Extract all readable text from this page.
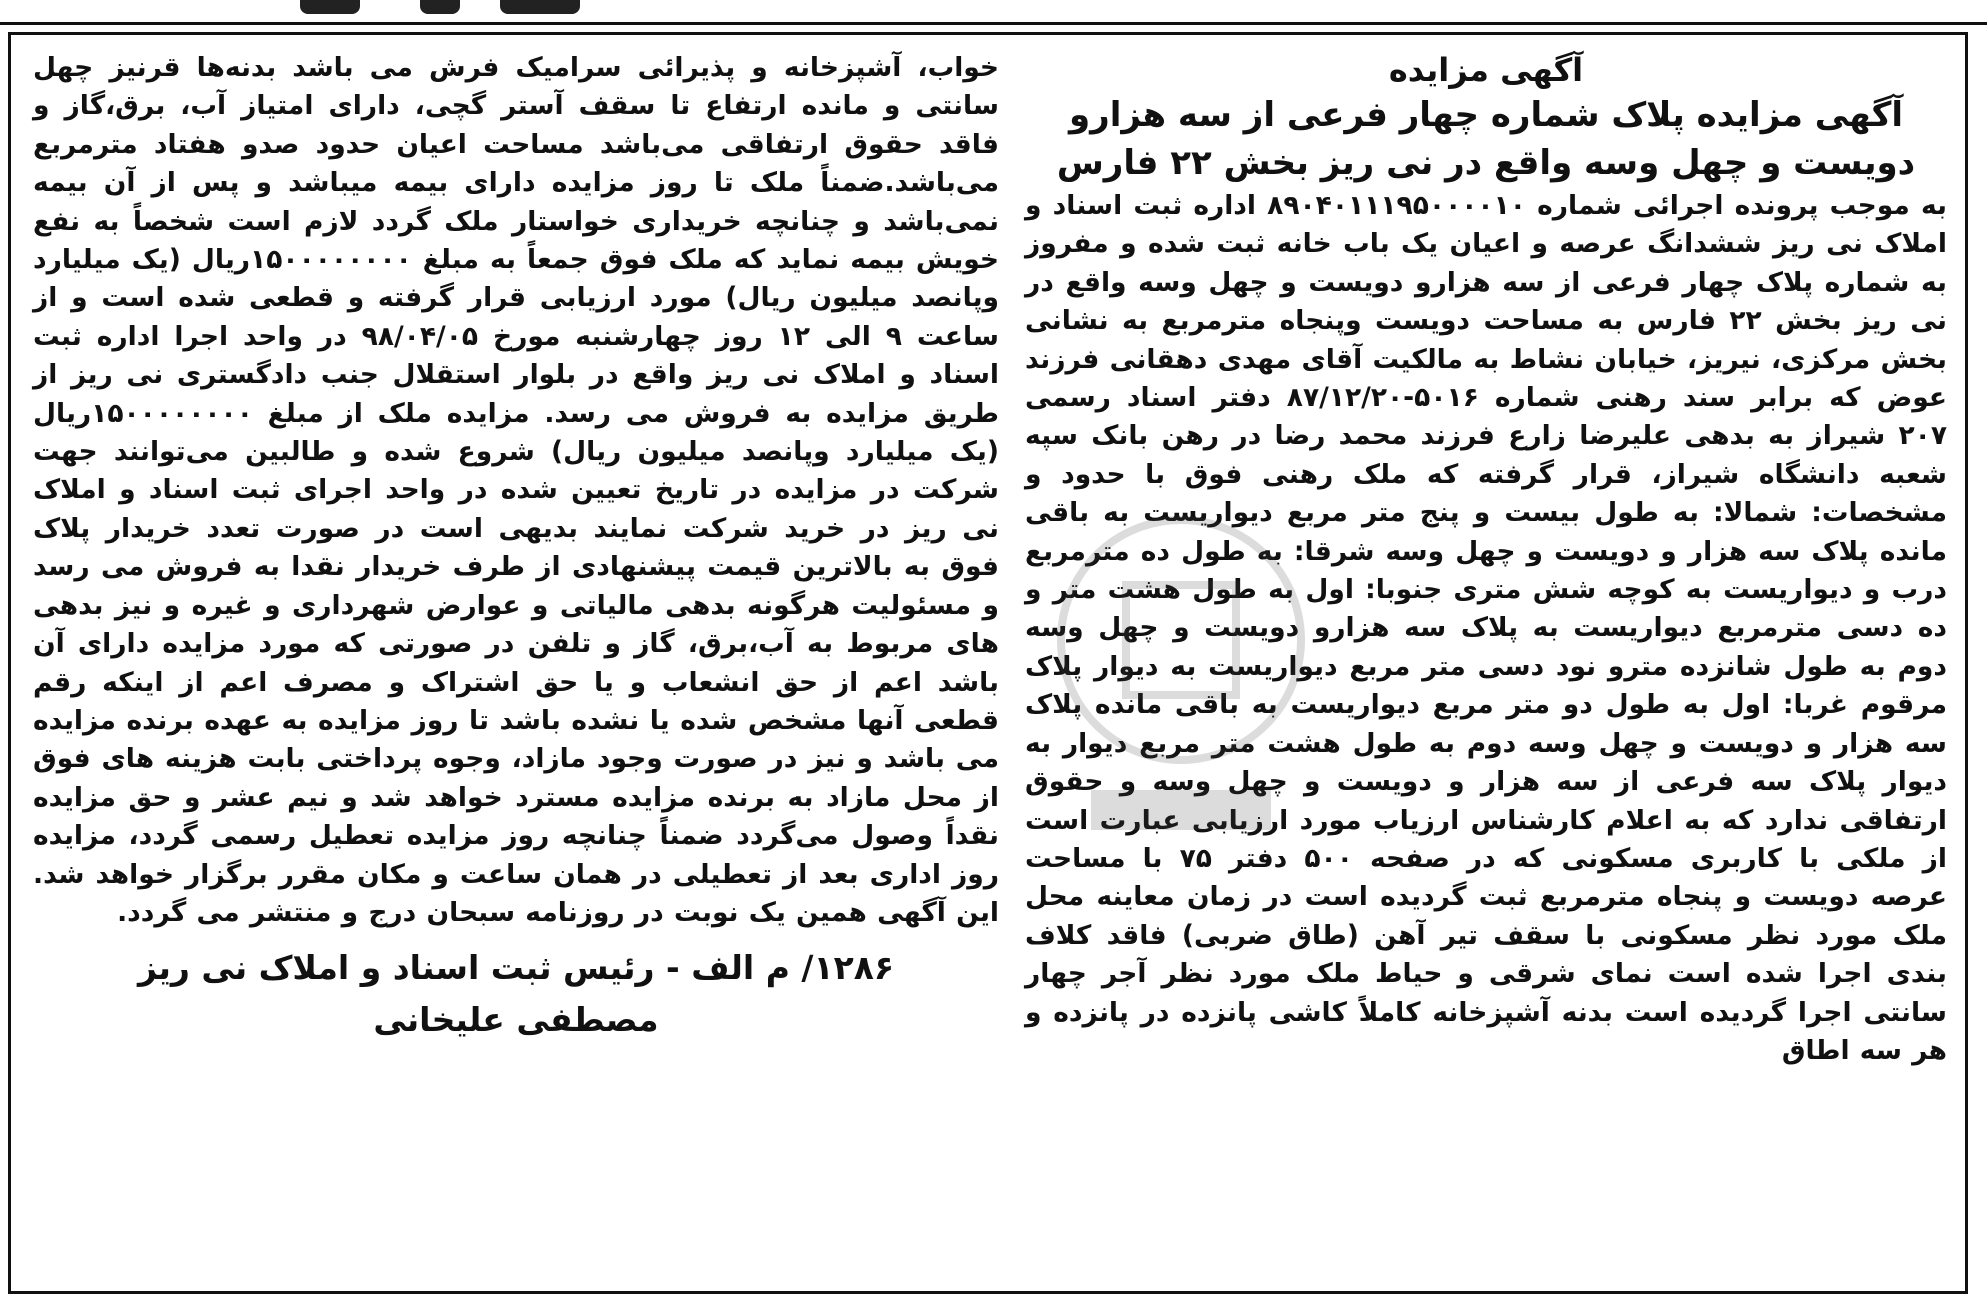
آگهی مزایده
آگهی مزایده پلاک شماره چهار فرعی از سه هزارو دویست و چهل وسه واقع در نی ریز بخش ۲۲ فارس

به موجب پرونده اجرائی شماره ۸۹۰۴۰۱۱۱۹۵۰۰۰۰۱۰ اداره ثبت اسناد و املاک نی ریز ششدانگ عرصه و اعیان یک باب خانه ثبت شده و مفروز به شماره پلاک چهار فرعی از سه هزارو دویست و چهل وسه واقع در نی ریز بخش ۲۲ فارس به مساحت دویست وپنجاه مترمربع به نشانی بخش مرکزی، نیریز، خیابان نشاط به مالکیت آقای مهدی دهقانی فرزند عوض که برابر سند رهنی شماره ۵۰۱۶-۸۷/۱۲/۲۰ دفتر اسناد رسمی ۲۰۷ شیراز به بدهی علیرضا زارع فرزند محمد رضا در رهن بانک سپه شعبه دانشگاه شیراز، قرار گرفته که ملک رهنی فوق با حدود و مشخصات: شمالا: به طول بیست و پنج متر مربع دیواریست به باقی مانده پلاک سه هزار و دویست و چهل وسه شرقا: به طول ده مترمربع درب و دیواریست به کوچه شش متری جنوبا: اول به طول هشت متر و ده دسی مترمربع دیواریست به پلاک سه هزارو دویست و چهل وسه دوم به طول شانزده مترو نود دسی متر مربع دیواریست به دیوار پلاک مرقوم غربا: اول به طول دو متر مربع دیواریست به باقی مانده پلاک سه هزار و دویست و چهل وسه دوم به طول هشت متر مربع دیوار به دیوار پلاک سه فرعی از سه هزار و دویست و چهل وسه و حقوق ارتفاقی ندارد که به اعلام کارشناس ارزیاب مورد ارزیابی عبارت است از ملکی با کاربری مسکونی که در صفحه ۵۰۰ دفتر ۷۵ با مساحت عرصه دویست و پنجاه مترمربع ثبت گردیده است در زمان معاینه محل ملک مورد نظر مسکونی با سقف تیر آهن (طاق ضربی) فاقد کلاف بندی اجرا شده است نمای شرقی و حیاط ملک مورد نظر آجر چهار سانتی اجرا گردیده است بدنه آشپزخانه کاملاً کاشی پانزده در پانزده و هر سه اطاق

خواب، آشپزخانه و پذیرائی سرامیک فرش می باشد بدنه‌ها قرنیز چهل سانتی و مانده ارتفاع تا سقف آستر گچی، دارای امتیاز آب، برق،گاز و فاقد حقوق ارتفاقی می‌باشد مساحت اعیان حدود صدو هفتاد مترمربع می‌باشد.ضمناً ملک تا روز مزایده دارای بیمه میباشد و پس از آن بیمه نمی‌باشد و چنانچه خریداری خواستار ملک گردد لازم است شخصاً به نفع خویش بیمه نماید که ملک فوق جمعاً به مبلغ ۱۵۰۰۰۰۰۰۰۰ریال (یک میلیارد وپانصد میلیون ریال) مورد ارزیابی قرار گرفته و قطعی شده است و از ساعت ۹ الی ۱۲ روز چهارشنبه مورخ ۹۸/۰۴/۰۵ در واحد اجرا اداره ثبت اسناد و املاک نی ریز واقع در بلوار استقلال جنب دادگستری نی ریز از طریق مزایده به فروش می رسد. مزایده ملک از مبلغ ۱۵۰۰۰۰۰۰۰۰ریال (یک میلیارد وپانصد میلیون ریال) شروع شده و طالبین می‌توانند جهت شرکت در مزایده در تاریخ تعیین شده در واحد اجرای ثبت اسناد و املاک نی ریز در خرید شرکت نمایند بدیهی است در صورت تعدد خریدار پلاک فوق به بالاترین قیمت پیشنهادی از طرف خریدار نقدا به فروش می رسد و مسئولیت هرگونه بدهی مالیاتی و عوارض شهرداری و غیره و نیز بدهی های مربوط به آب،برق، گاز و تلفن در صورتی که مورد مزایده دارای آن باشد اعم از حق انشعاب و یا حق اشتراک و مصرف اعم از اینکه رقم قطعی آنها مشخص شده یا نشده باشد تا روز مزایده به عهده برنده مزایده می باشد و نیز در صورت وجود مازاد، وجوه پرداختی بابت هزینه های فوق از محل مازاد به برنده مزایده مسترد خواهد شد و نیم عشر و حق مزایده نقداً وصول می‌گردد ضمناً چنانچه روز مزایده تعطیل رسمی گردد، مزایده روز اداری بعد از تعطیلی در همان ساعت و مکان مقرر برگزار خواهد شد. این آگهی همین یک نوبت در روزنامه سبحان درج و منتشر می گردد.

۱۲۸۶/ م الف - رئیس ثبت اسناد و املاک نی ریز

مصطفی علیخانی
